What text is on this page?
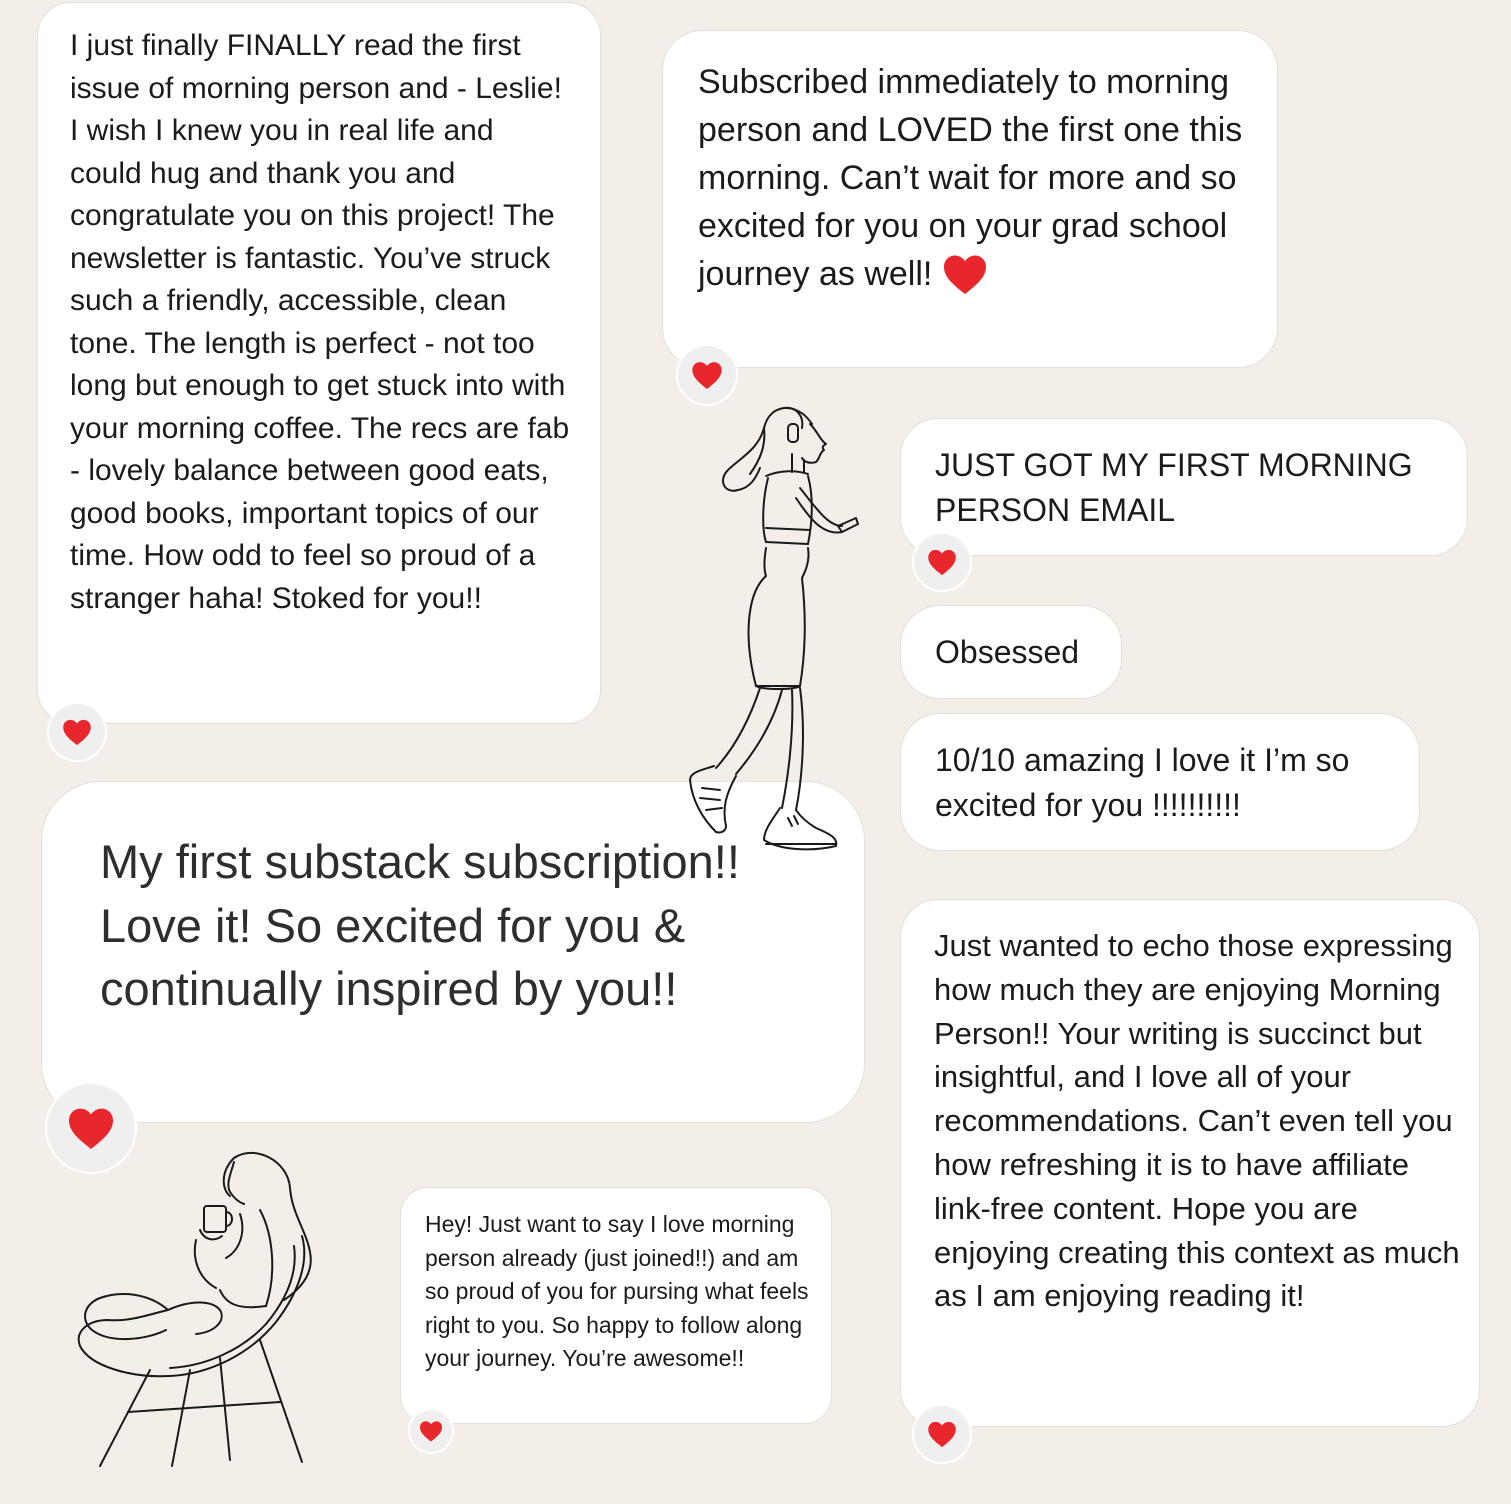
I just finally FINALLY read the first issue of morning person and - Leslie! I wish I knew you in real life and could hug and thank you and congratulate you on this project! The newsletter is fantastic. You’ve struck such a friendly, accessible, clean tone. The length is perfect - not too long but enough to get stuck into with your morning coffee. The recs are fab - lovely balance between good eats, good books, important topics of our time. How odd to feel so proud of a stranger haha! Stoked for you!!

Subscribed immediately to morning person and LOVED the first one this morning. Can’t wait for more and so excited for you on your grad school journey as well!

JUST GOT MY FIRST MORNING PERSON EMAIL

Obsessed

10/10 amazing I love it I’m so excited for you !!!!!!!!!!

My first substack subscription!! Love it! So excited for you & continually inspired by you!!

Just wanted to echo those expressing how much they are enjoying Morning Person!! Your writing is succinct but insightful, and I love all of your recommendations. Can’t even tell you how refreshing it is to have affiliate link-free content. Hope you are enjoying creating this context as much as I am enjoying reading it!

Hey! Just want to say I love morning person already (just joined!!) and am so proud of you for pursing what feels right to you. So happy to follow along your journey. You’re awesome!!
